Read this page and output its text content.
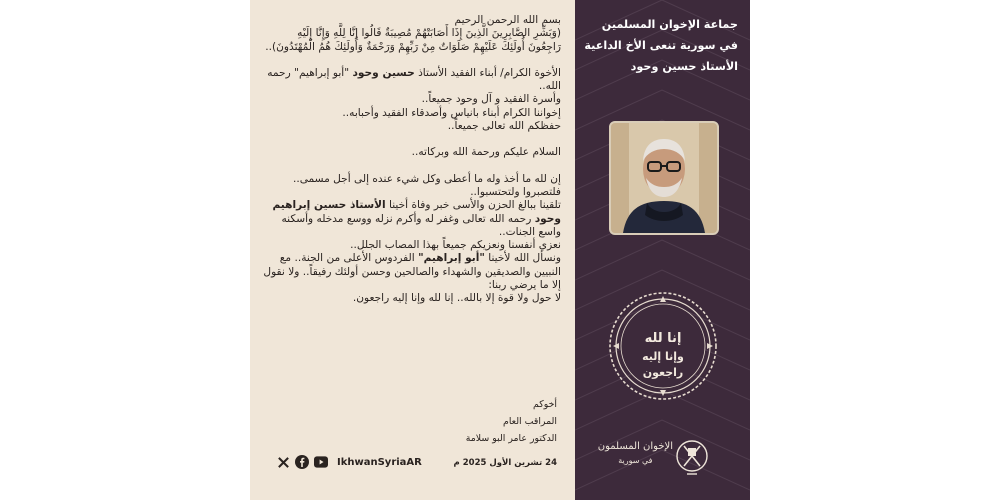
بسم الله الرحمن الرحيم

(وَبَشِّرِ الصَّابِرِينَ الَّذِينَ إِذَا أَصَابَتْهُمْ مُصِيبَةٌ قَالُوا إِنَّا لِلَّهِ وَإِنَّا إِلَيْهِ رَاجِعُونَ أُولَئِكَ عَلَيْهِمْ صَلَوَاتٌ مِنْ رَبِّهِمْ وَرَحْمَةٌ وَأُولَئِكَ هُمُ الْمُهْتَدُونَ)..

الأخوة الكرام/ أبناء الفقيد الأستاذ حسين وحود "أبو إبراهيم" رحمه الله..

وأسرة الفقيد و آل وحود جميعاً..

إخواننا الكرام أبناء بانياس وأصدقاء الفقيد وأحبابه..

حفظكم الله تعالى جميعاً..

السلام عليكم ورحمة الله وبركاته..

إن لله ما أخذ وله ما أعطى وكل شيء عنده إلى أجل مسمى.. فلتصبروا ولتحتسبوا..

تلقينا ببالغ الحزن والأسى خبر وفاة أخينا الأستاذ حسين إبراهيم وحود رحمه الله تعالى وغفر له وأكرم نزله ووسع مدخله وأسكنه واسع الجنات..

نعزي أنفسنا ونعزيكم جميعاً بهذا المصاب الجلل..

ونسأل الله لأخينا "أبو إبراهيم" الفردوس الأعلى من الجنة.. مع النبيين والصديقين والشهداء والصالحين وحسن أولئك رفيقاً.. ولا نقول إلا ما يرضي ربنا:

لا حول ولا قوة إلا بالله.. إنا لله وإنا إليه راجعون.

أخوكم
المراقب العام
الدكتور عامر البو سلامة
IkhwanSyriaAR	24 تشرين الأول 2025 م
جماعة الإخوان المسلمين في سورية تنعى الأخ الداعية الأستاذ حسين وحود
إنا لله
وإنا إليه
راجعون
الإخوان المسلمون
في سورية
